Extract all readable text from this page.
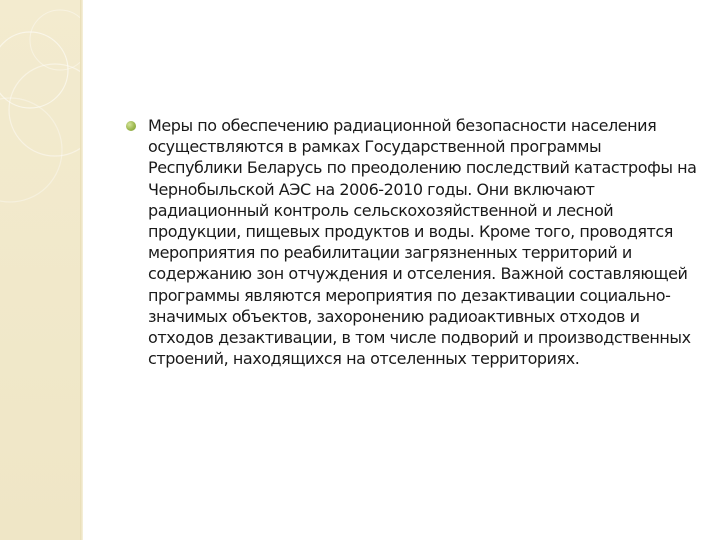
Меры по обеспечению радиационной безопасности населения осуществляются в рамках Государственной программы Республики Беларусь по преодолению последствий катастрофы на Чернобыльской АЭС на 2006-2010 годы. Они включают радиационный контроль сельскохозяйственной и лесной продукции, пищевых продуктов и воды. Кроме того, проводятся мероприятия по реабилитации загрязненных территорий и содержанию зон отчуждения и отселения. Важной составляющей программы являются мероприятия по дезактивации социально-значимых объектов, захоронению радиоактивных отходов и отходов дезактивации, в том числе подворий и производственных строений, находящихся на отселенных территориях.
